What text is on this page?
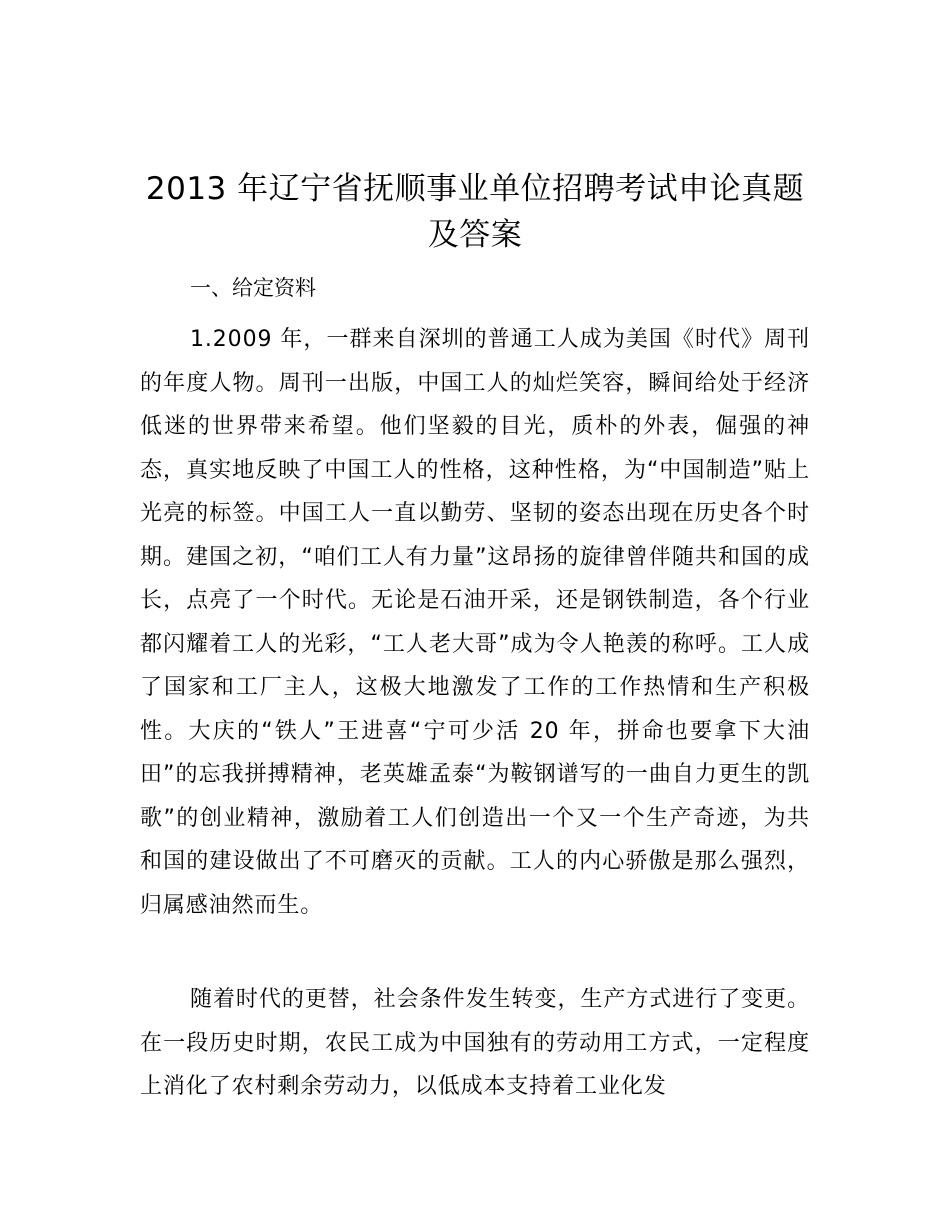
2013 年辽宁省抚顺事业单位招聘考试申论真题及答案
一、给定资料

1.2009 年，一群来自深圳的普通工人成为美国《时代》周刊的年度人物。周刊一出版，中国工人的灿烂笑容，瞬间给处于经济低迷的世界带来希望。他们坚毅的目光，质朴的外表，倔强的神态，真实地反映了中国工人的性格，这种性格，为“中国制造”贴上光亮的标签。中国工人一直以勤劳、坚韧的姿态出现在历史各个时期。建国之初，“咱们工人有力量”这昂扬的旋律曾伴随共和国的成长，点亮了一个时代。无论是石油开采，还是钢铁制造，各个行业都闪耀着工人的光彩，“工人老大哥”成为令人艳羡的称呼。工人成了国家和工厂主人，这极大地激发了工作的工作热情和生产积极性。大庆的“铁人”王进喜“宁可少活 20 年，拼命也要拿下大油田”的忘我拼搏精神，老英雄孟泰“为鞍钢谱写的一曲自力更生的凯歌”的创业精神，激励着工人们创造出一个又一个生产奇迹，为共和国的建设做出了不可磨灭的贡献。工人的内心骄傲是那么强烈，归属感油然而生。

随着时代的更替，社会条件发生转变，生产方式进行了变更。在一段历史时期，农民工成为中国独有的劳动用工方式，一定程度上消化了农村剩余劳动力，以低成本支持着工业化发
